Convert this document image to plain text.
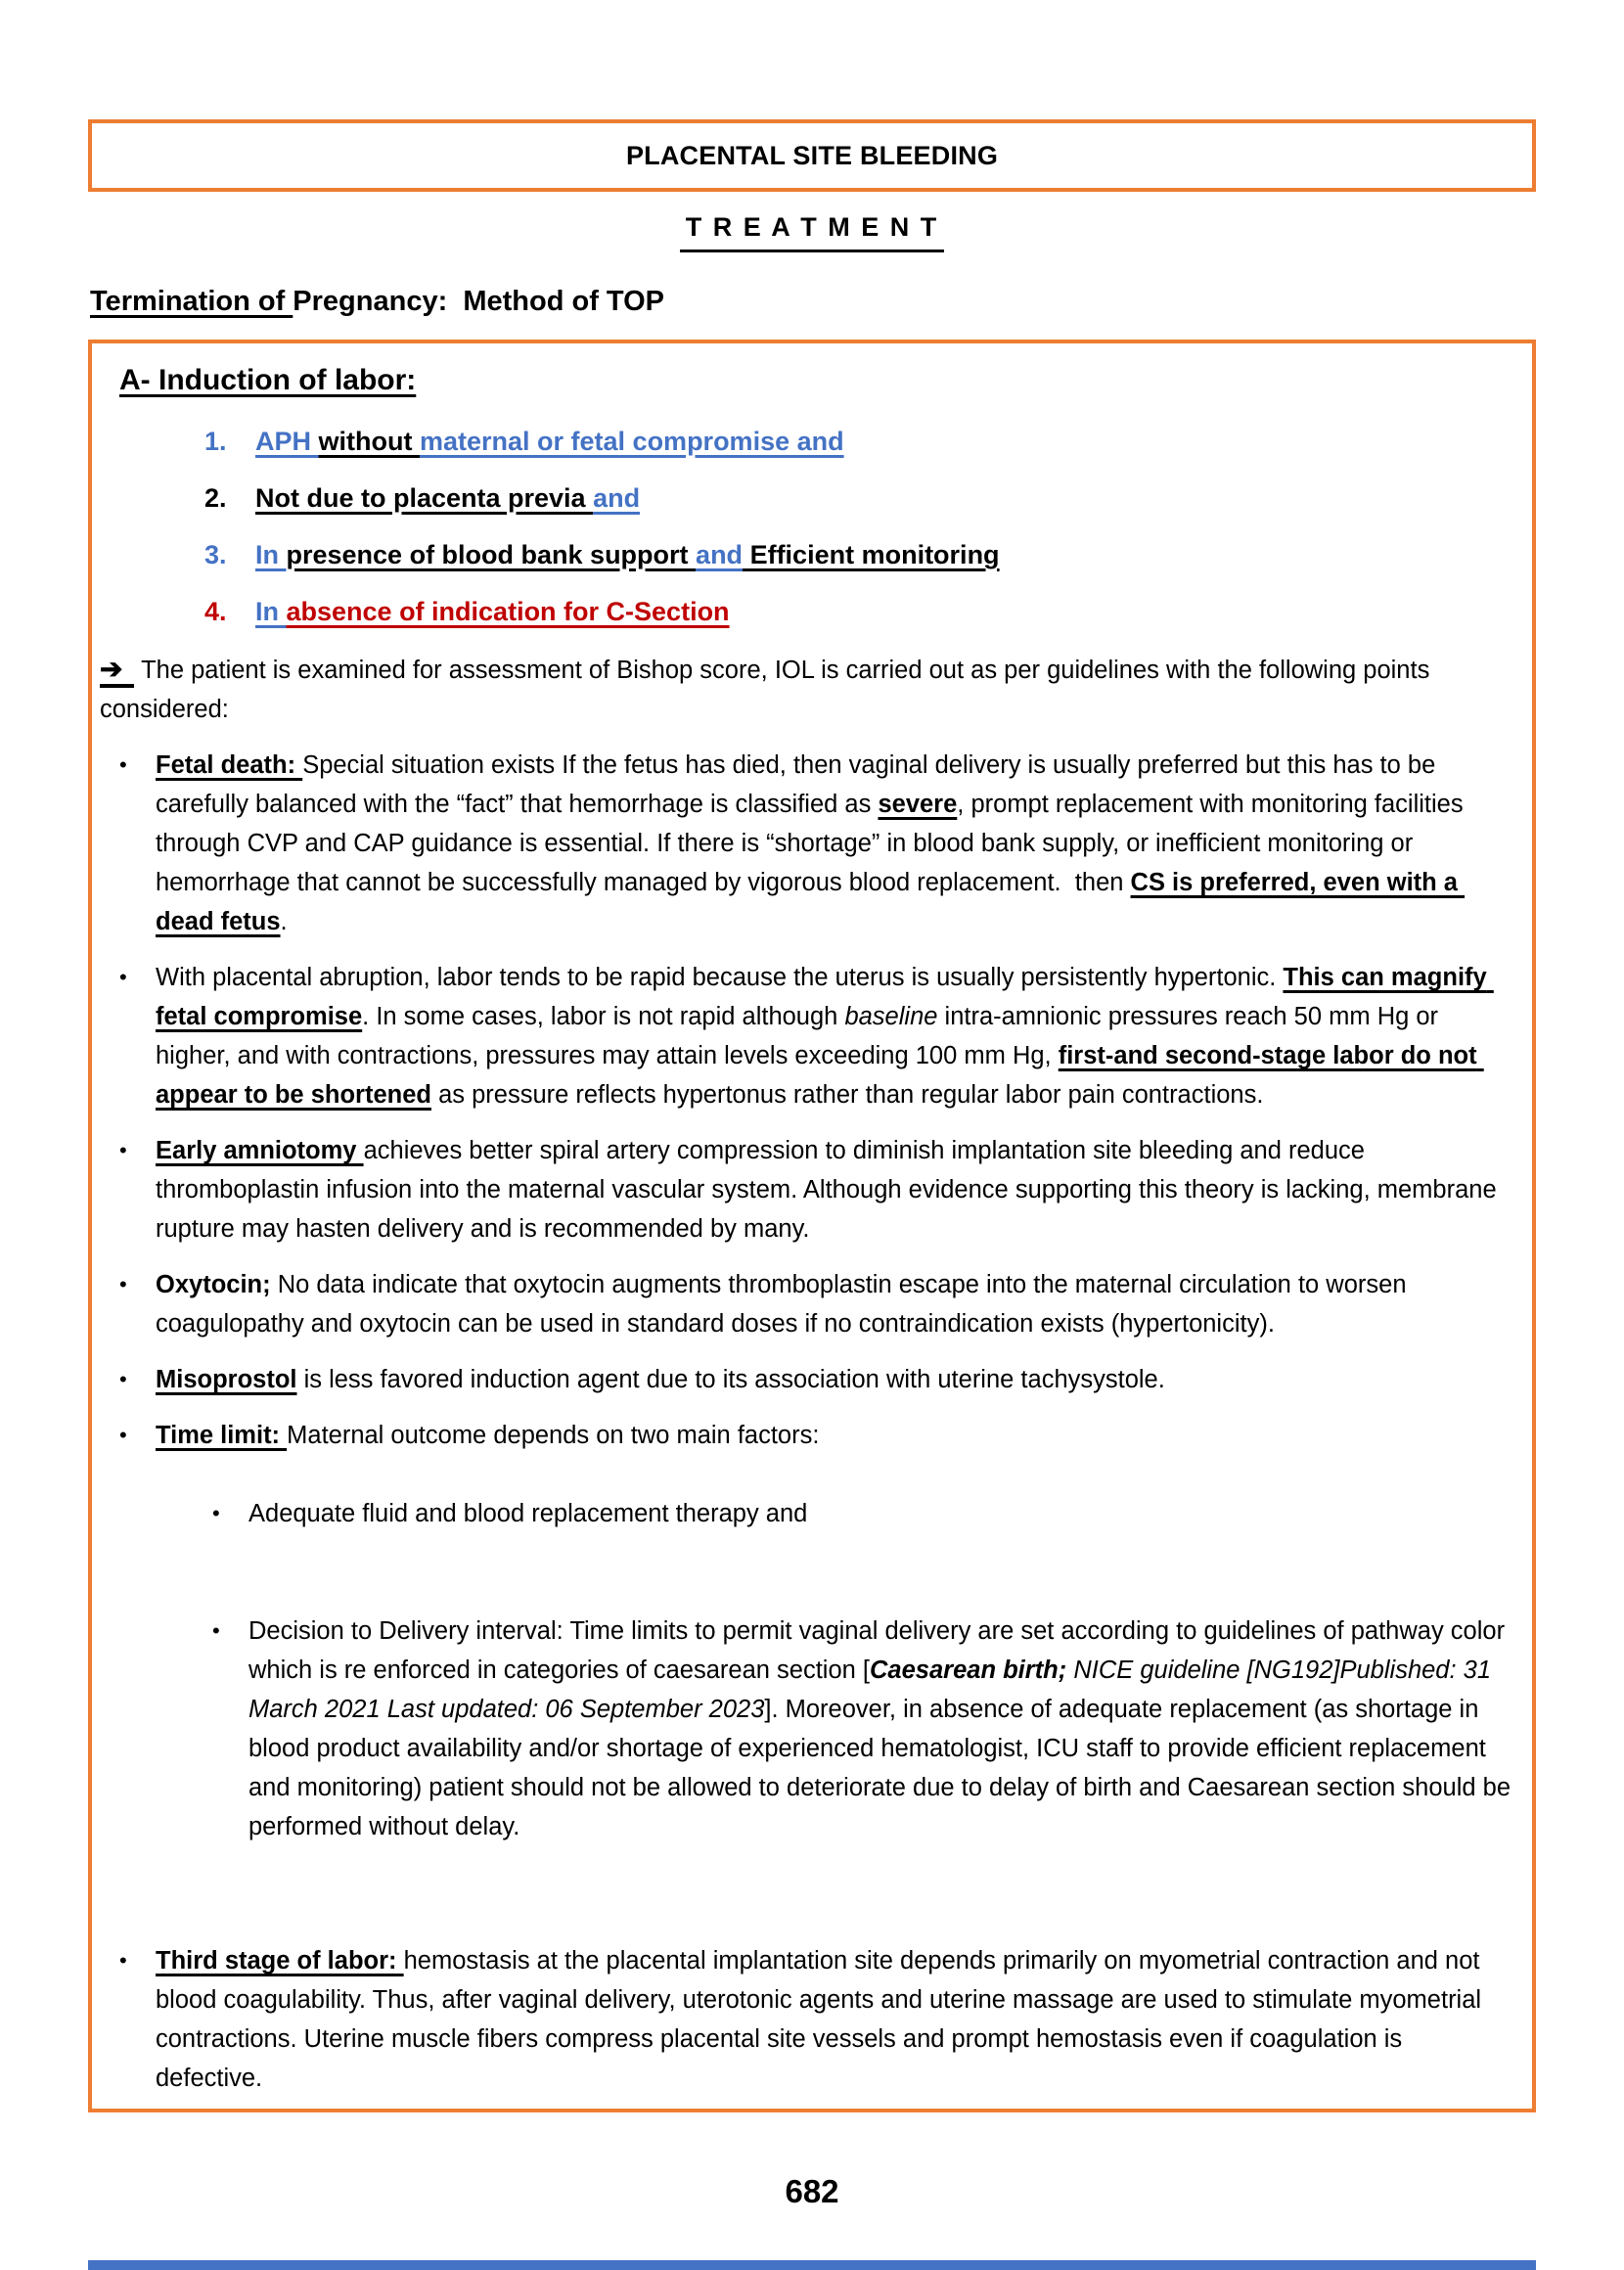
PLACENTAL SITE BLEEDING
T R E A T M E N T

Termination of Pregnancy:  Method of TOP

A- Induction of labor:

1.	APH without maternal or fetal compromise and
2.	Not due to placenta previa and
3.	In presence of blood bank support and Efficient monitoring
4.	In absence of indication for C-Section

➔ The patient is examined for assessment of Bishop score, IOL is carried out as per guidelines with the following points considered:

•	Fetal death: Special situation exists If the fetus has died, then vaginal delivery is usually preferred but this has to be carefully balanced with the “fact” that hemorrhage is classified as severe, prompt replacement with monitoring facilities through CVP and CAP guidance is essential. If there is “shortage” in blood bank supply, or inefficient monitoring or hemorrhage that cannot be successfully managed by vigorous blood replacement.  then CS is preferred, even with a dead fetus.
•	With placental abruption, labor tends to be rapid because the uterus is usually persistently hypertonic. This can magnify fetal compromise. In some cases, labor is not rapid although baseline intra-amnionic pressures reach 50 mm Hg or higher, and with contractions, pressures may attain levels exceeding 100 mm Hg, first-and second-stage labor do not appear to be shortened as pressure reflects hypertonus rather than regular labor pain contractions.
•	Early amniotomy achieves better spiral artery compression to diminish implantation site bleeding and reduce thromboplastin infusion into the maternal vascular system. Although evidence supporting this theory is lacking, membrane rupture may hasten delivery and is recommended by many.
•	Oxytocin; No data indicate that oxytocin augments thromboplastin escape into the maternal circulation to worsen coagulopathy and oxytocin can be used in standard doses if no contraindication exists (hypertonicity).
•	Misoprostol is less favored induction agent due to its association with uterine tachysystole.
•	Time limit: Maternal outcome depends on two main factors:

•	Adequate fluid and blood replacement therapy and

•	Decision to Delivery interval: Time limits to permit vaginal delivery are set according to guidelines of pathway color which is re enforced in categories of caesarean section [Caesarean birth; NICE guideline [NG192]Published: 31 March 2021 Last updated: 06 September 2023]. Moreover, in absence of adequate replacement (as shortage in blood product availability and/or shortage of experienced hematologist, ICU staff to provide efficient replacement and monitoring) patient should not be allowed to deteriorate due to delay of birth and Caesarean section should be performed without delay.

•	Third stage of labor: hemostasis at the placental implantation site depends primarily on myometrial contraction and not blood coagulability. Thus, after vaginal delivery, uterotonic agents and uterine massage are used to stimulate myometrial contractions. Uterine muscle fibers compress placental site vessels and prompt hemostasis even if coagulation is defective.
682
